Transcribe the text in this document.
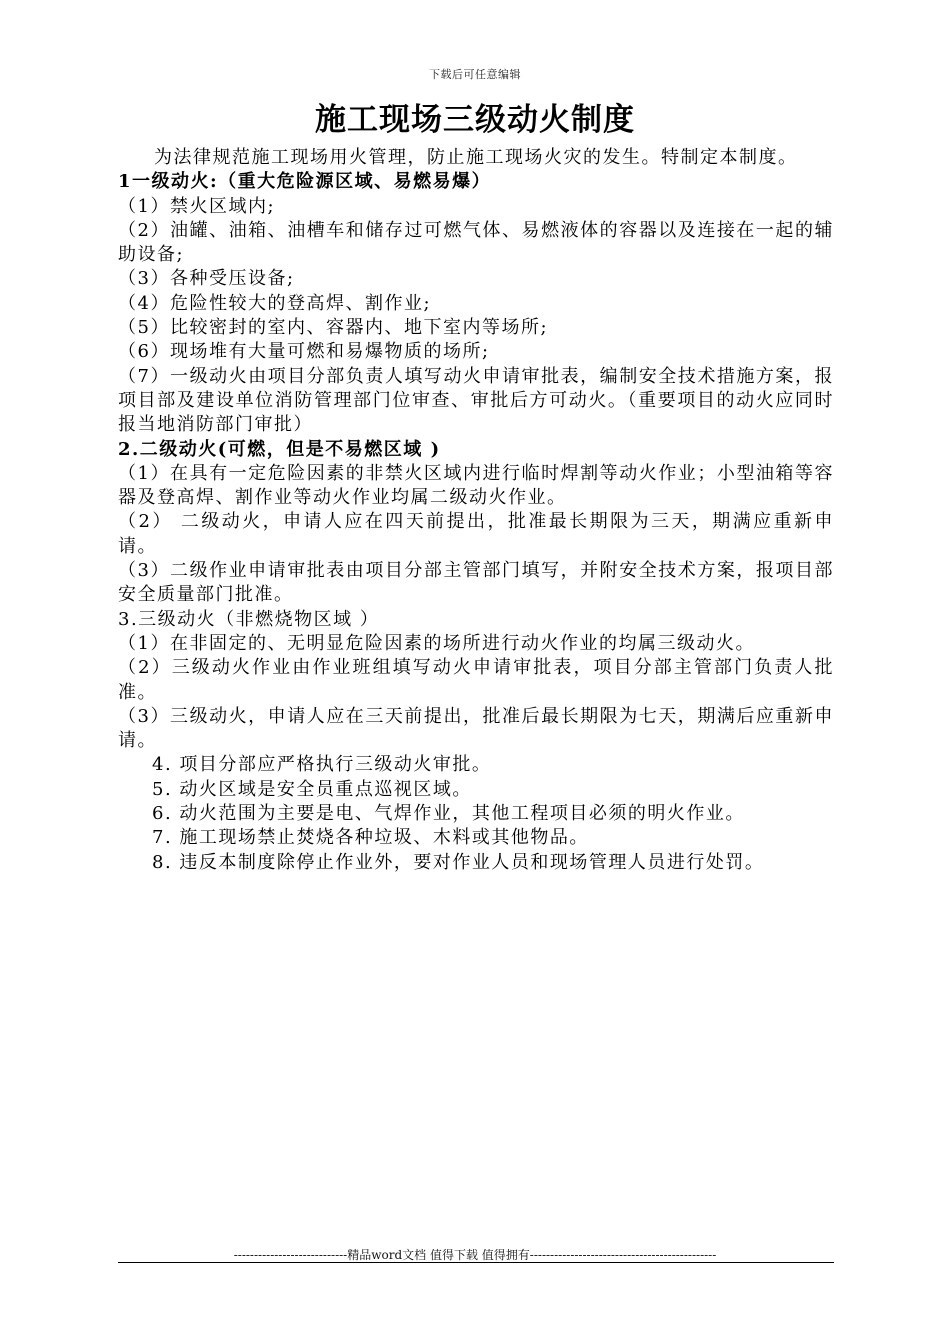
下载后可任意编辑
施工现场三级动火制度

为法律规范施工现场用火管理，防止施工现场火灾的发生。特制定本制度。

1一级动火:（重大危险源区域、易燃易爆）

（1）禁火区域内;

（2）油罐、油箱、油槽车和储存过可燃气体、易燃液体的容器以及连接在一起的辅助设备;

（3）各种受压设备;

（4）危险性较大的登高焊、割作业;

（5）比较密封的室内、容器内、地下室内等场所;

（6）现场堆有大量可燃和易爆物质的场所;

（7）一级动火由项目分部负责人填写动火申请审批表，编制安全技术措施方案，报项目部及建设单位消防管理部门位审查、审批后方可动火。（重要项目的动火应同时报当地消防部门审批）

2.二级动火(可燃，但是不易燃区域 )

（1）在具有一定危险因素的非禁火区域内进行临时焊割等动火作业；小型油箱等容器及登高焊、割作业等动火作业均属二级动火作业。

（2） 二级动火，申请人应在四天前提出，批准最长期限为三天，期满应重新申请。

（3）二级作业申请审批表由项目分部主管部门填写，并附安全技术方案，报项目部安全质量部门批准。

3.三级动火（非燃烧物区域 ）

（1）在非固定的、无明显危险因素的场所进行动火作业的均属三级动火。

（2）三级动火作业由作业班组填写动火申请审批表，项目分部主管部门负责人批准。

（3）三级动火，申请人应在三天前提出，批准后最长期限为七天，期满后应重新申请。

4. 项目分部应严格执行三级动火审批。

5. 动火区域是安全员重点巡视区域。

6. 动火范围为主要是电、气焊作业，其他工程项目必须的明火作业。

7. 施工现场禁止焚烧各种垃圾、木料或其他物品。

8. 违反本制度除停止作业外，要对作业人员和现场管理人员进行处罚。

----------------------------精品word文档 值得下载 值得拥有----------------------------------------------
